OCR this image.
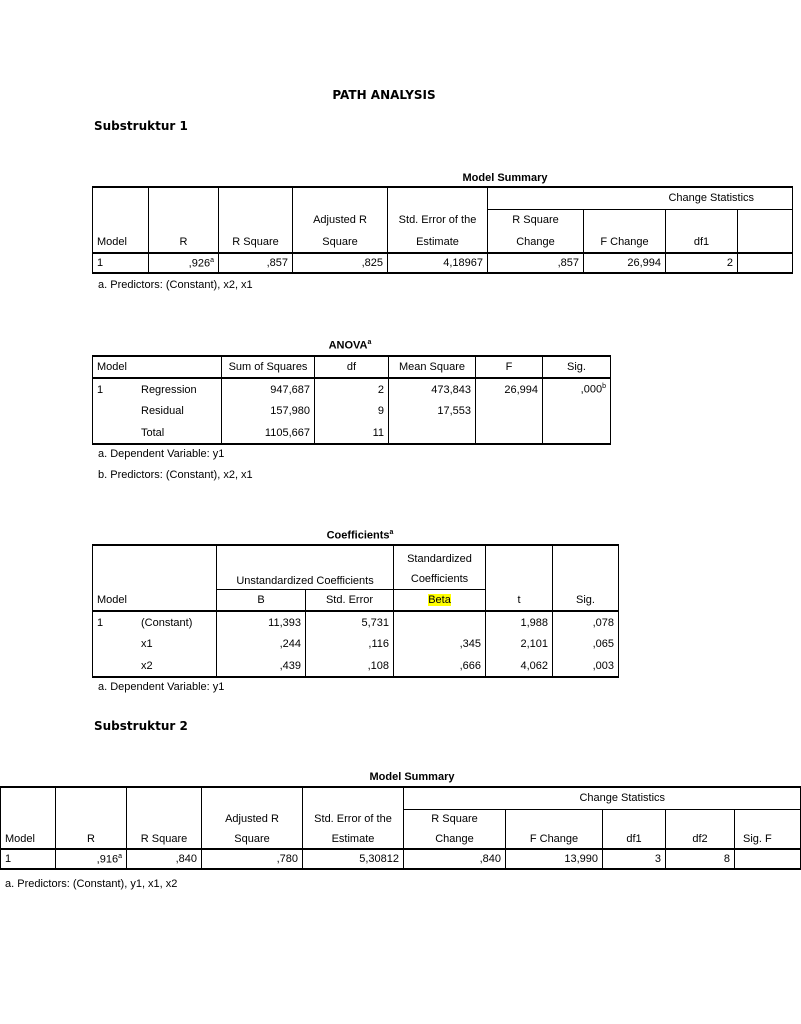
PATH ANALYSIS
Substruktur 1
Model Summary
					Change Statistics			
			Adjusted R	Std. Error of the	R Square			
Model	R	R Square	Square	Estimate	Change	F Change	df1	
1	,926$^a$	,857	,825	4,18967	,857	26,994	2	
a. Predictors: (Constant), x2, x1
ANOVA$^a$
Model	Sum of Squares	df	Mean Square	F	Sig.
1 Regression	947,687	2	473,843	26,994	,000$^b$
Residual	157,980	9	17,553		
Total	1105,667	11			
a. Dependent Variable: y1
b. Predictors: (Constant), x2, x1
Coefficients$^a$
	Unstandardized Coefficients		Standardized
Coefficients		
Model	B	Std. Error	Beta	t	Sig.
1 (Constant)	11,393	5,731		1,988	,078
x1	,244	,116	,345	2,101	,065
x2	,439	,108	,666	4,062	,003
a. Dependent Variable: y1
Substruktur 2
Model Summary
					Change Statistics				
			Adjusted R	Std. Error of the	R Square				
Model	R	R Square	Square	Estimate	Change	F Change	df1	df2	Sig. F
1	,916$^a$	,840	,780	5,30812	,840	13,990	3	8	
a. Predictors: (Constant), y1, x1, x2
